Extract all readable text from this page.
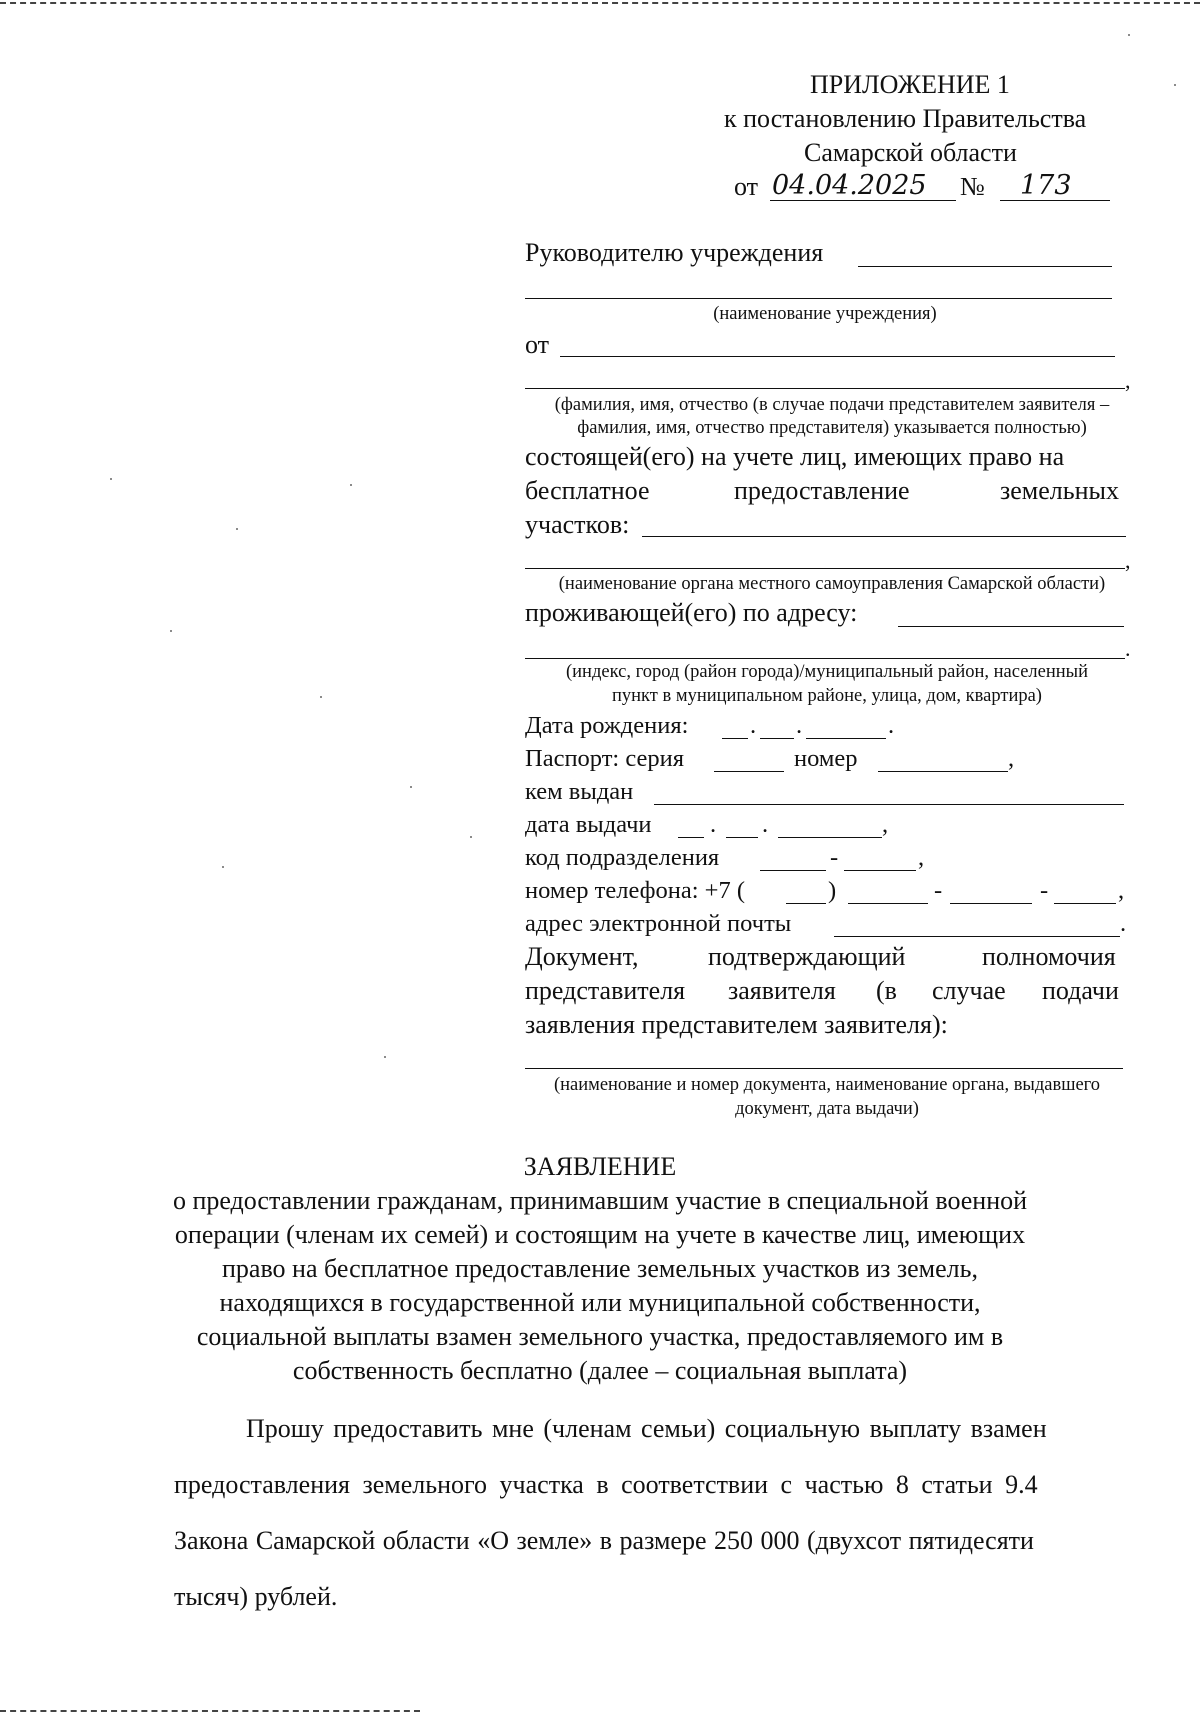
ПРИЛОЖЕНИЕ 1
к постановлению Правительства
Самарской области
от 04.04.2025 № 173
Руководителю учреждения
(наименование учреждения)
от
,
(фамилия, имя, отчество (в случае подачи представителем заявителя –
фамилия, имя, отчество представителя) указывается полностью)
состоящей(его) на учете лиц, имеющих право на
бесплатное	предоставление	земельных
участков:
,
(наименование органа местного самоуправления Самарской области)
проживающей(его) по адресу:
.
(индекс, город (район города)/муниципальный район, населенный
пункт в муниципальном районе, улица, дом, квартира)
Дата рождения:	. .	.
Паспорт: серия	номер	,
кем выдан
дата выдачи . .	,
код подразделения	-	,
номер телефона: +7 (	)	-	-	,
адрес электронной почты	.
Документ,	подтверждающий	полномочия
представителя заявителя (в случае подачи
заявления представителем заявителя):
(наименование и номер документа, наименование органа, выдавшего
документ, дата выдачи)
ЗАЯВЛЕНИЕ
о предоставлении гражданам, принимавшим участие в специальной военной
операции (членам их семей) и состоящим на учете в качестве лиц, имеющих
право на бесплатное предоставление земельных участков из земель,
находящихся в государственной или муниципальной собственности,
социальной выплаты взамен земельного участка, предоставляемого им в
собственность бесплатно (далее – социальная выплата)
Прошу предоставить мне (членам семьи) социальную выплату взамен
предоставления земельного участка в соответствии с частью 8 статьи 9.4
Закона Самарской области «О земле» в размере 250 000 (двухсот пятидесяти
тысяч) рублей.
